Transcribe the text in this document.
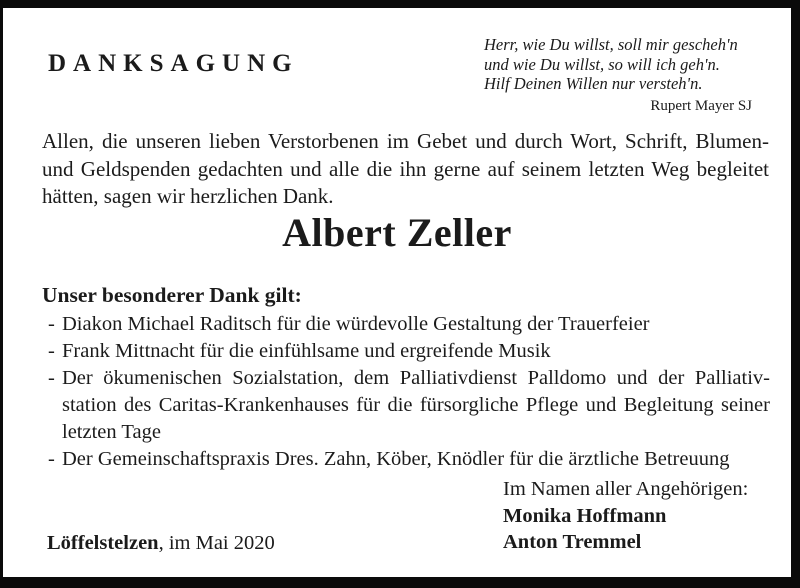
DANKSAGUNG
Herr, wie Du willst, soll mir gescheh'n
und wie Du willst, so will ich geh'n.
Hilf Deinen Willen nur versteh'n.
Rupert Mayer SJ

Allen, die unseren lieben Verstorbenen im Gebet und durch Wort, Schrift, Blumen- und Geldspenden gedachten und alle die ihn gerne auf seinem letzten Weg begleitet hätten, sagen wir herzlichen Dank.

Albert Zeller
Unser besonderer Dank gilt:
- Diakon Michael Raditsch für die würdevolle Gestaltung der Trauerfeier
- Frank Mittnacht für die einfühlsame und ergreifende Musik
- Der ökumenischen Sozialstation, dem Palliativdienst Palldomo und der Palliativstation des Caritas-Krankenhauses für die fürsorgliche Pflege und Begleitung seiner letzten Tage
- Der Gemeinschaftspraxis Dres. Zahn, Köber, Knödler für die ärztliche Betreuung
Im Namen aller Angehörigen:
Monika Hoffmann
Anton Tremmel
Löffelstelzen, im Mai 2020
